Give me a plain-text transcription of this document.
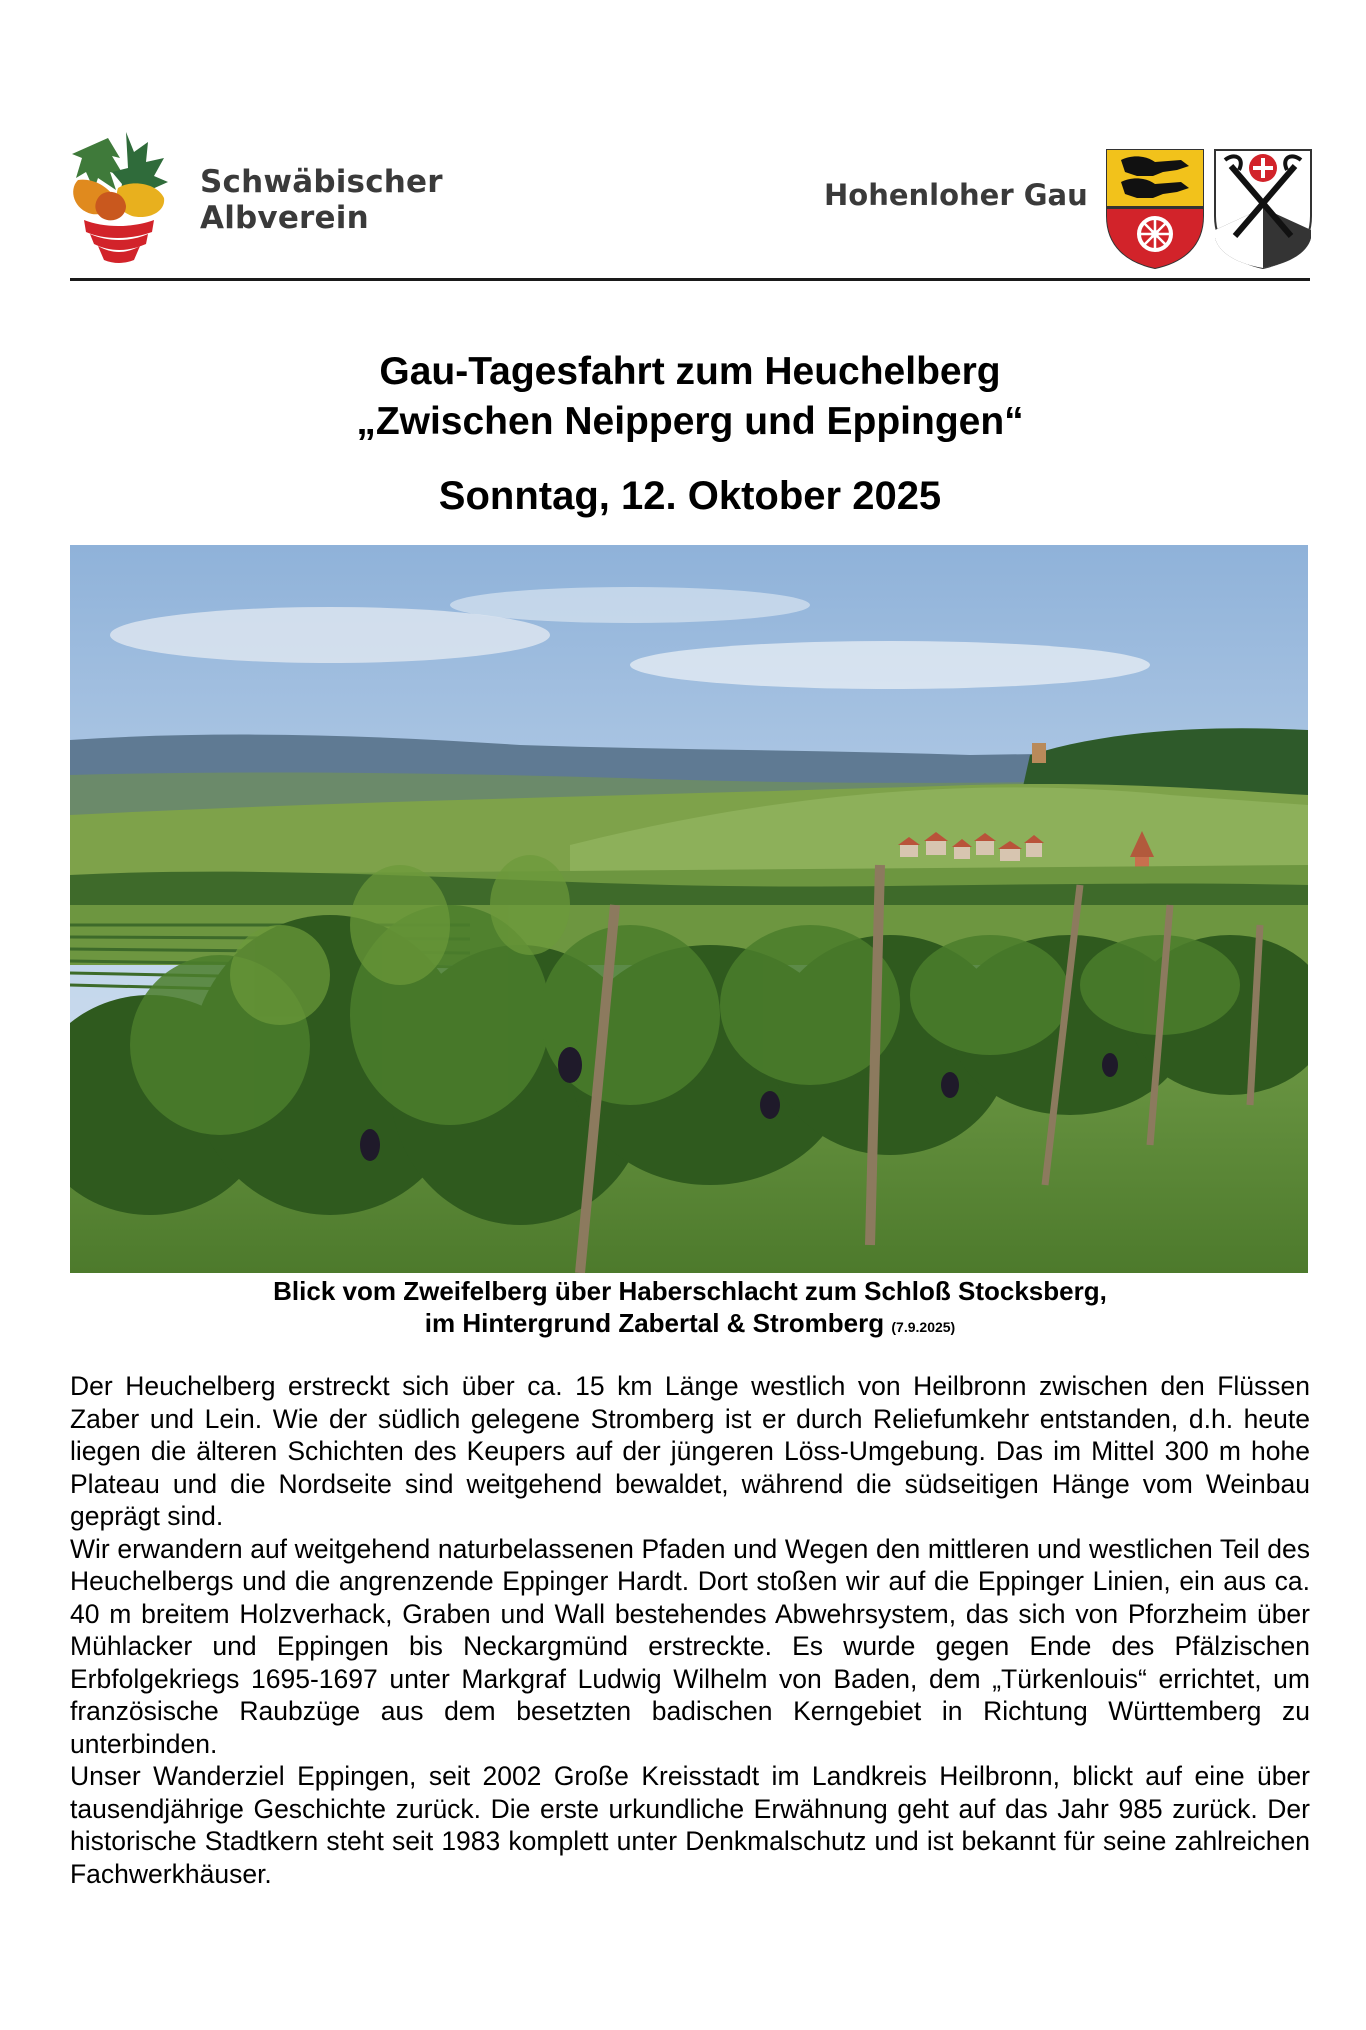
Schwäbischer
Albverein
Hohenloher Gau
Gau-Tagesfahrt zum Heuchelberg
„Zwischen Neipperg und Eppingen“
Sonntag, 12. Oktober 2025
Blick vom Zweifelberg über Haberschlacht zum Schloß Stocksberg,
im Hintergrund Zabertal & Stromberg (7.9.2025)

Der Heuchelberg erstreckt sich über ca. 15 km Länge westlich von Heilbronn zwischen den Flüssen Zaber und Lein. Wie der südlich gelegene Stromberg ist er durch Reliefumkehr entstanden, d.h. heute liegen die älteren Schichten des Keupers auf der jüngeren Löss-Umgebung. Das im Mittel 300 m hohe Plateau und die Nordseite sind weitgehend bewaldet, während die südseitigen Hänge vom Weinbau geprägt sind.

Wir erwandern auf weitgehend naturbelassenen Pfaden und Wegen den mittleren und westlichen Teil des Heuchelbergs und die angrenzende Eppinger Hardt. Dort stoßen wir auf die Eppinger Linien, ein aus ca. 40 m breitem Holzverhack, Graben und Wall bestehendes Abwehrsystem, das sich von Pforzheim über Mühlacker und Eppingen bis Neckargmünd erstreckte. Es wurde gegen Ende des Pfälzischen Erbfolgekriegs 1695-1697 unter Markgraf Ludwig Wilhelm von Baden, dem „Türkenlouis“ errichtet, um französische Raubzüge aus dem besetzten badischen Kerngebiet in Richtung Württemberg zu unterbinden.

Unser Wanderziel Eppingen, seit 2002 Große Kreisstadt im Landkreis Heilbronn, blickt auf eine über tausendjährige Geschichte zurück. Die erste urkundliche Erwähnung geht auf das Jahr 985 zurück. Der historische Stadtkern steht seit 1983 komplett unter Denkmalschutz und ist bekannt für seine zahlreichen Fachwerkhäuser.
